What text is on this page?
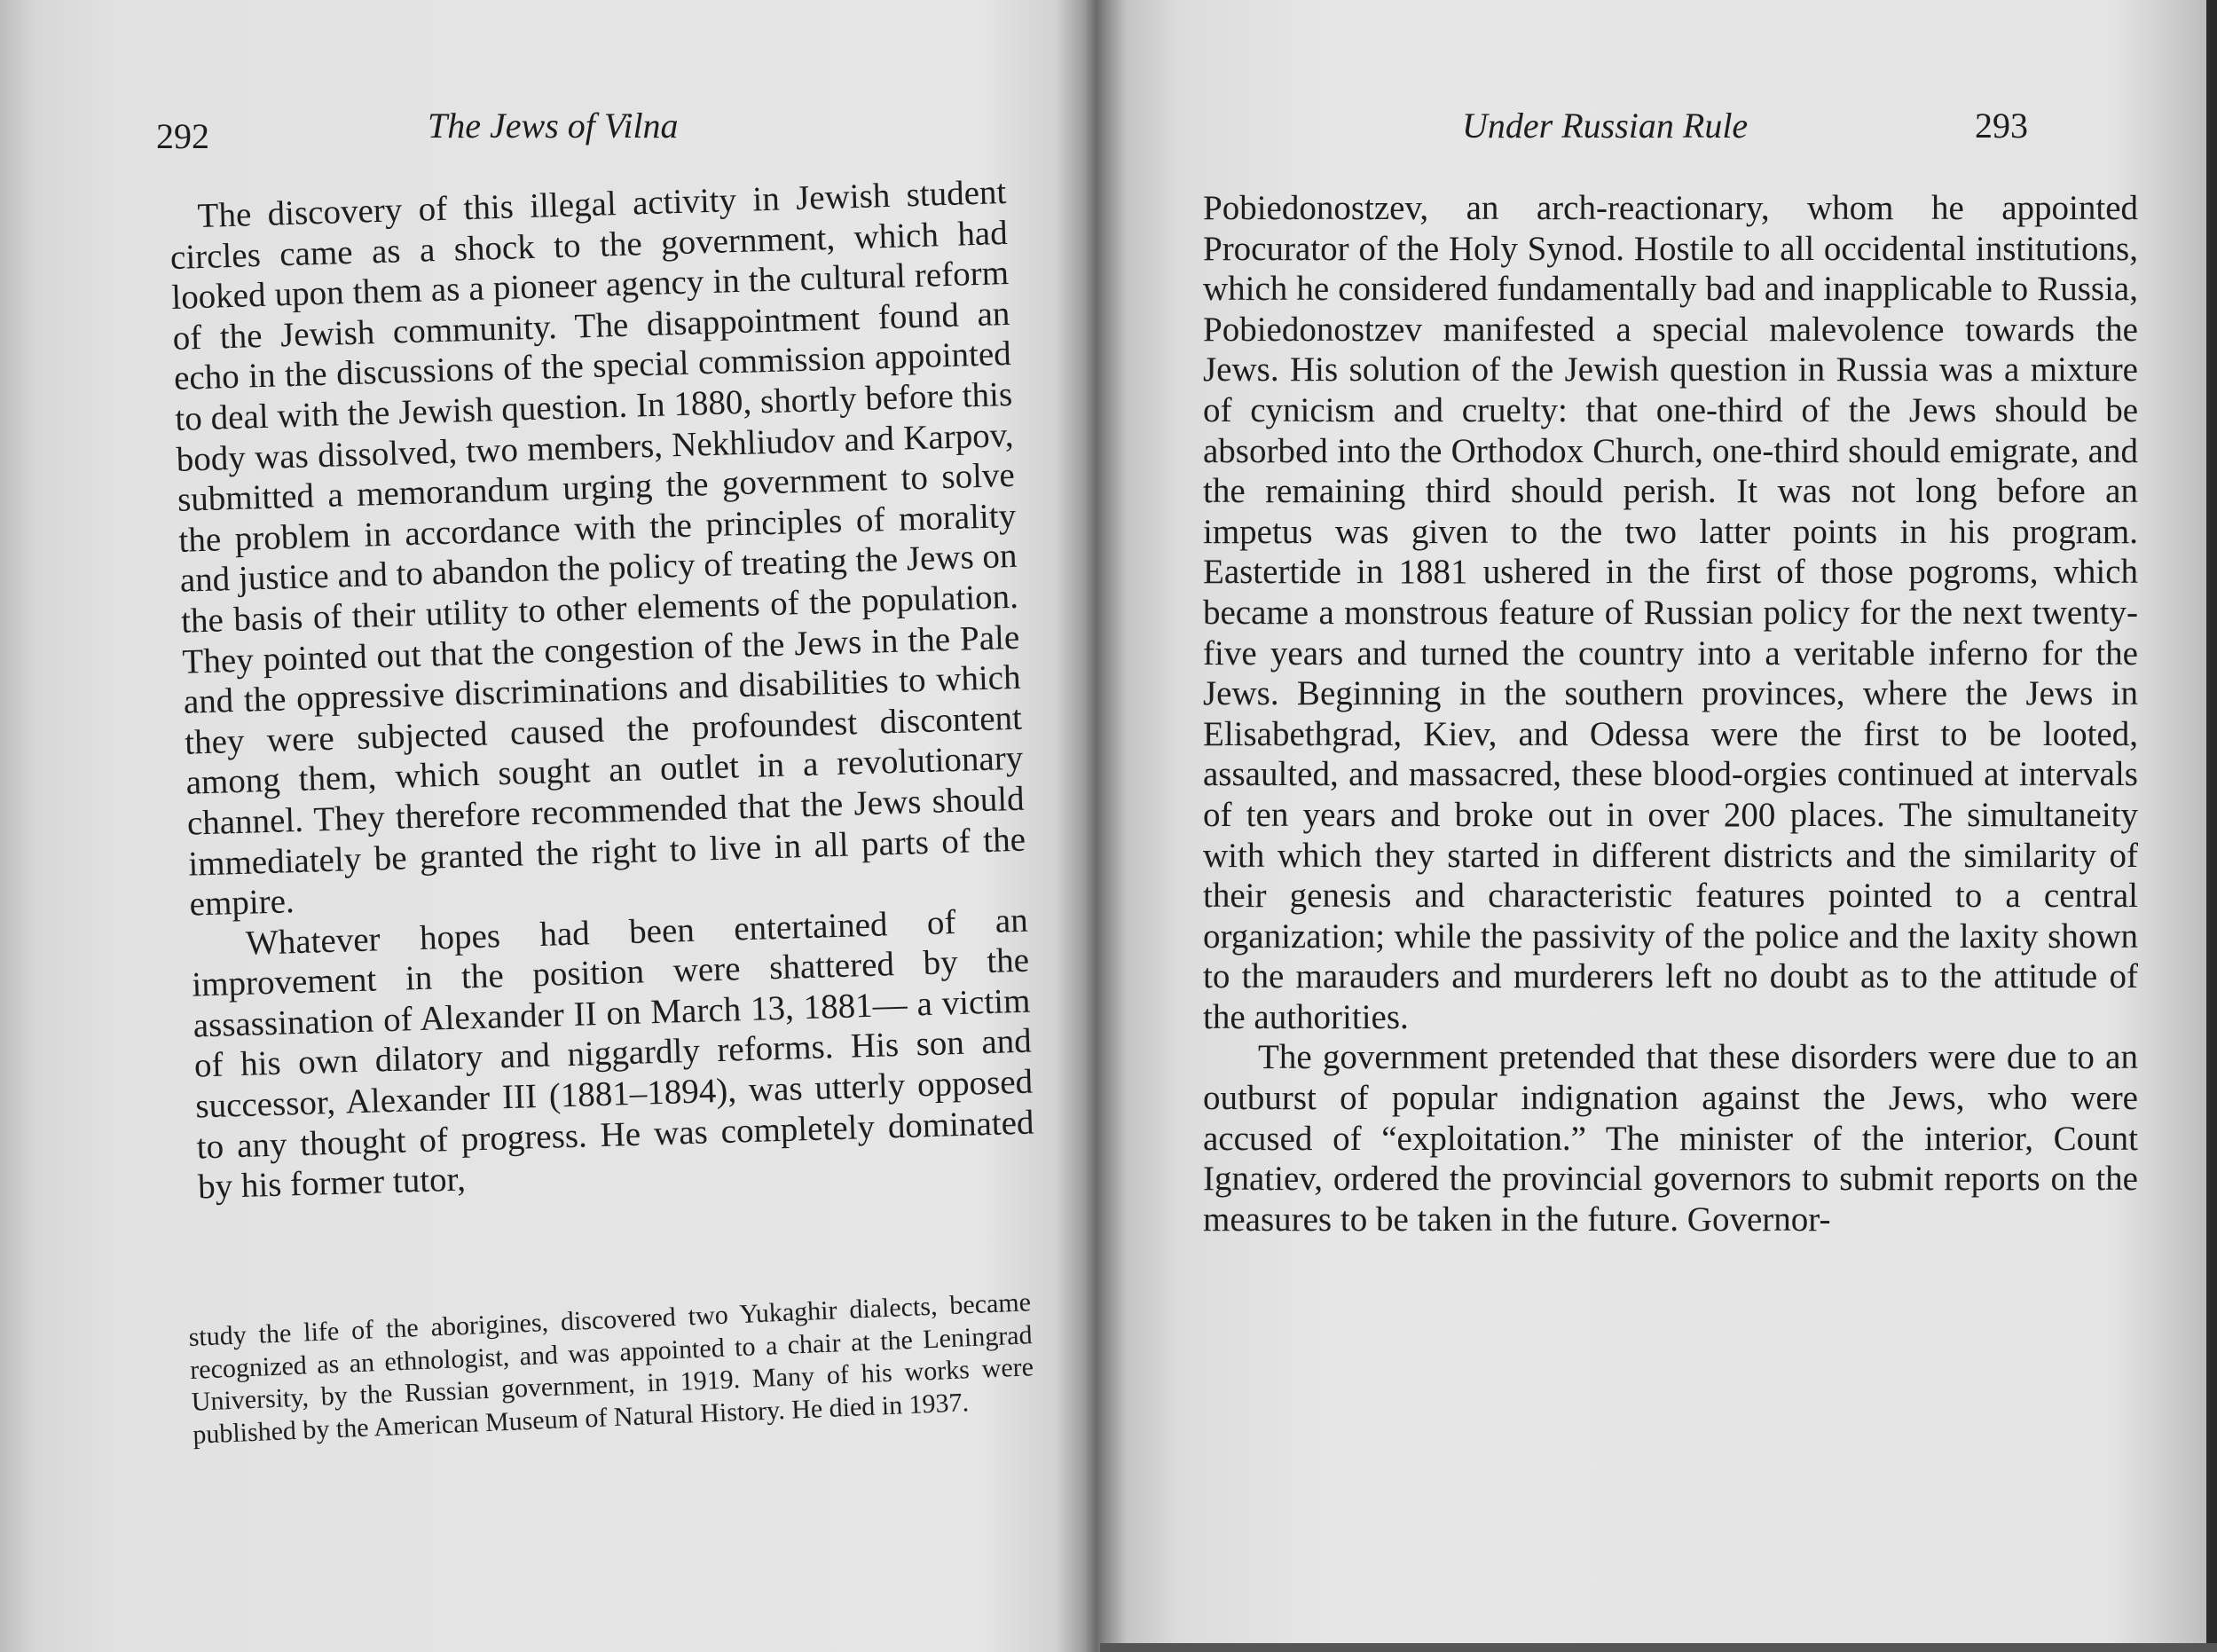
292	The Jews of Vilna

The discovery of this illegal activity in Jewish student circles came as a shock to the government, which had looked upon them as a pioneer agency in the cultural reform of the Jewish community. The disappointment found an echo in the discussions of the special commission appointed to deal with the Jewish question. In 1880, shortly before this body was dissolved, two members, Nekhliudov and Karpov, submitted a memorandum urging the government to solve the problem in accordance with the principles of morality and justice and to abandon the policy of treating the Jews on the basis of their utility to other elements of the population. They pointed out that the congestion of the Jews in the Pale and the oppressive discriminations and disabilities to which they were subjected caused the profoundest discontent among them, which sought an outlet in a revolutionary channel. They therefore recommended that the Jews should immediately be granted the right to live in all parts of the empire.

Whatever hopes had been entertained of an improvement in the position were shattered by the assassination of Alexander II on March 13, 1881— a victim of his own dilatory and niggardly reforms. His son and successor, Alexander III (1881–1894), was utterly opposed to any thought of progress. He was completely dominated by his former tutor,

study the life of the aborigines, discovered two Yukaghir dialects, became recognized as an ethnologist, and was appointed to a chair at the Leningrad University, by the Russian government, in 1919. Many of his works were published by the American Museum of Natural History. He died in 1937.

Under Russian Rule	293

Pobiedonostzev, an arch-reactionary, whom he appointed Procurator of the Holy Synod. Hostile to all occidental institutions, which he considered fundamentally bad and inapplicable to Russia, Pobiedonostzev manifested a special malevolence towards the Jews. His solution of the Jewish question in Russia was a mixture of cynicism and cruelty: that one-third of the Jews should be absorbed into the Orthodox Church, one-third should emigrate, and the remaining third should perish. It was not long before an impetus was given to the two latter points in his program. Eastertide in 1881 ushered in the first of those pogroms, which became a monstrous feature of Russian policy for the next twenty-five years and turned the country into a veritable inferno for the Jews. Beginning in the southern provinces, where the Jews in Elisabethgrad, Kiev, and Odessa were the first to be looted, assaulted, and massacred, these blood-orgies continued at intervals of ten years and broke out in over 200 places. The simultaneity with which they started in different districts and the similarity of their genesis and characteristic features pointed to a central organization; while the passivity of the police and the laxity shown to the marauders and murderers left no doubt as to the attitude of the authorities.

The government pretended that these disorders were due to an outburst of popular indignation against the Jews, who were accused of “exploitation.” The minister of the interior, Count Ignatiev, ordered the provincial governors to submit reports on the measures to be taken in the future. Governor-
